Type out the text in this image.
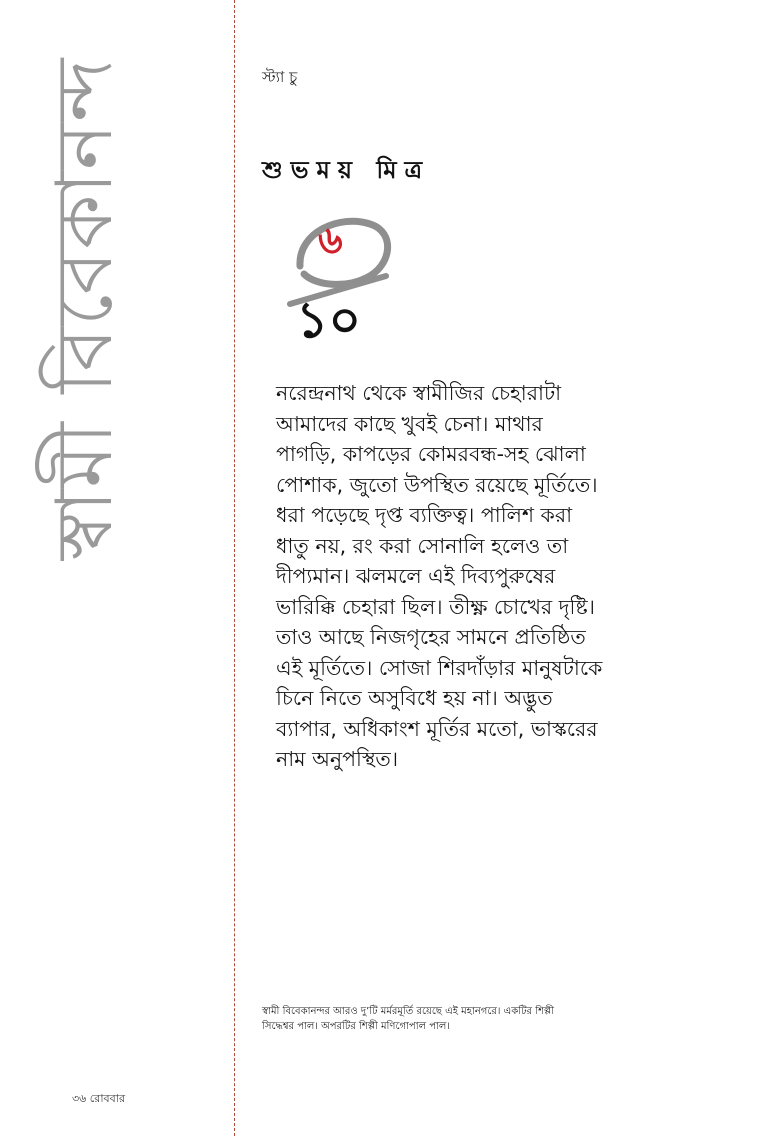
স্বামী বিবেকানন্দ	স্ট্যা চু
শুভময় মিত্র
৬
১০
নরেন্দ্রনাথ থেকে স্বামীজির চেহারাটা আমাদের কাছে খুবই চেনা। মাথার পাগড়ি, কাপড়ের কোমরবন্ধ-সহ ঝোলা পোশাক, জুতো উপস্থিত রয়েছে মূর্তিতে। ধরা পড়েছে দৃপ্ত ব্যক্তিত্ব। পালিশ করা ধাতু নয়, রং করা সোনালি হলেও তা দীপ্যমান। ঝলমলে এই দিব্যপুরুষের ভারিক্কি চেহারা ছিল। তীক্ষ্ণ চোখের দৃষ্টি। তাও আছে নিজগৃহের সামনে প্রতিষ্ঠিত এই মূর্তিতে। সোজা শিরদাঁড়ার মানুষটাকে চিনে নিতে অসুবিধে হয় না। অদ্ভুত ব্যাপার, অধিকাংশ মূর্তির মতো, ভাস্করের নাম অনুপস্থিত।
স্বামী বিবেকানন্দর আরও দু’টি মর্মরমূর্তি রয়েছে এই মহানগরে। একটির শিল্পী সিদ্ধেশ্বর পাল। অপরটির শিল্পী মণিগোপাল পাল।
৩৬ রোববার
